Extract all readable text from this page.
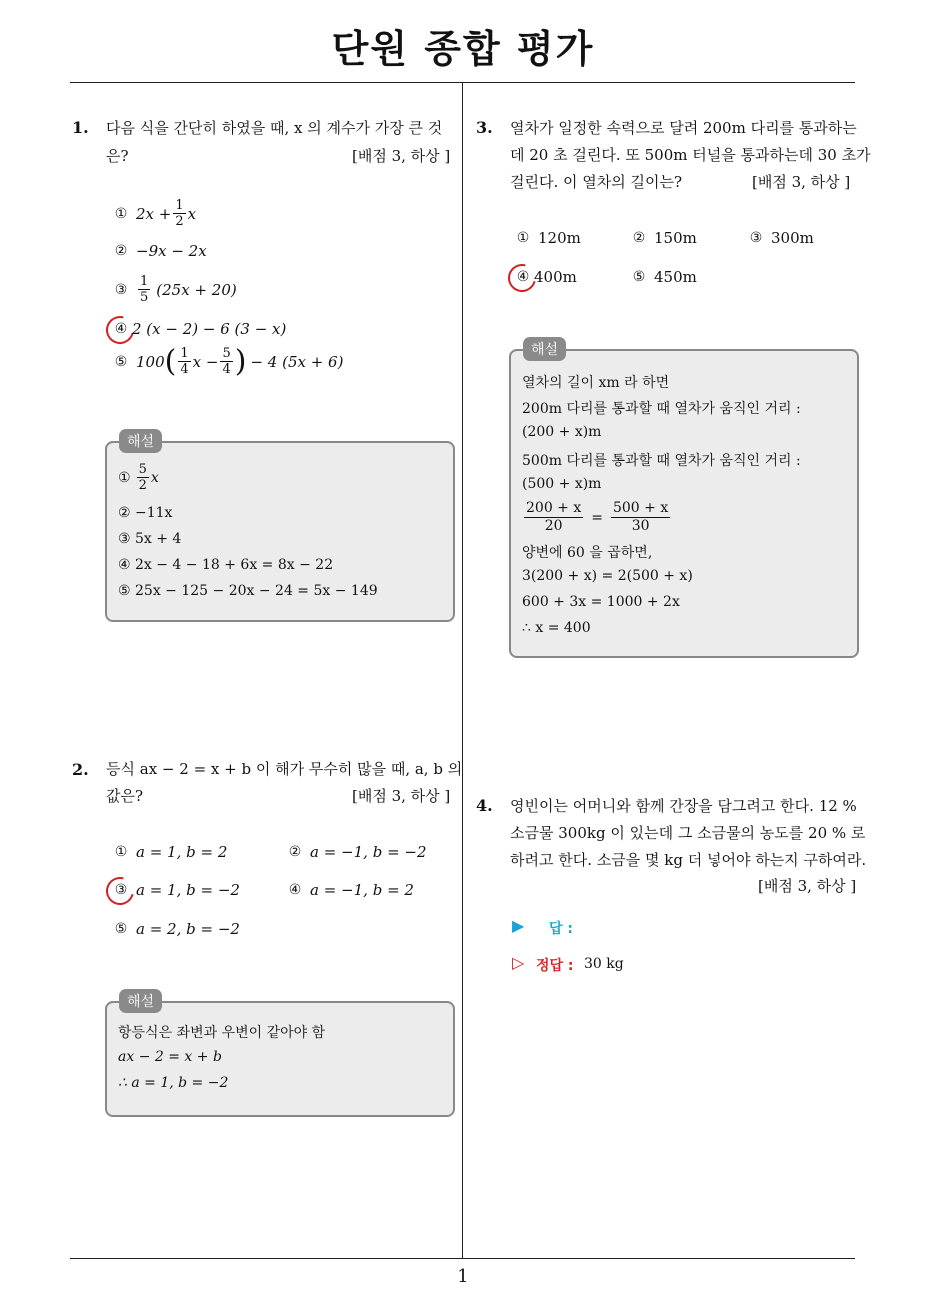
단원 종합 평가
1. 다음 식을 간단히 하였을 때, x 의 계수가 가장 큰 것
은?	[배점 3, 하상 ]
① $2x + \frac{1}{2}$ x
② −9x − 2x
③ $\frac{1}{5} (25x + 20)$
④ 2 (x − 2) − 6 (3 − x)
⑤ 100 ( $\frac{1}{4}$ $x - \frac{5}{4}$ ) − 4 (5x + 6)
해설
① $\frac{5}{2}$ x
② −11x
③ 5x + 4
④ 2x − 4 − 18 + 6x = 8x − 22
⑤ 25x − 125 − 20x − 24 = 5x − 149
2. 등식 ax − 2 = x + b 이 해가 무수히 많을 때, a, b 의
값은?	[배점 3, 하상 ]
① a = 1, b = 2	② a = −1, b = −2
③ a = 1, b = −2	④ a = −1, b = 2
⑤ a = 2, b = −2
해설
항등식은 좌변과 우변이 같아야 함
ax − 2 = x + b
∴ a = 1, b = −2
3. 열차가 일정한 속력으로 달려 200m 다리를 통과하는
데 20 초 걸린다. 또 500m 터널을 통과하는데 30 초가
걸린다. 이 열차의 길이는?	[배점 3, 하상 ]
① 120m	② 150m	③ 300m
④ 400m	⑤ 450m
해설
열차의 길이 xm 라 하면
200m 다리를 통과할 때 열차가 움직인 거리 :
(200 + x)m
500m 다리를 통과할 때 열차가 움직인 거리 :
(500 + x)m
$\frac{200 + x}{20} = \frac{500 + x}{30}$
양변에 60 을 곱하면,
3(200 + x) = 2(500 + x)
600 + 3x = 1000 + 2x
∴ x = 400
4. 영빈이는 어머니와 함께 간장을 담그려고 한다. 12 %
소금물 300kg 이 있는데 그 소금물의 농도를 20 % 로
하려고 한다. 소금을 몇 kg 더 넣어야 하는지 구하여라.
[배점 3, 하상 ]
▶ 답 :
▷ 정답 : 30 kg
1
